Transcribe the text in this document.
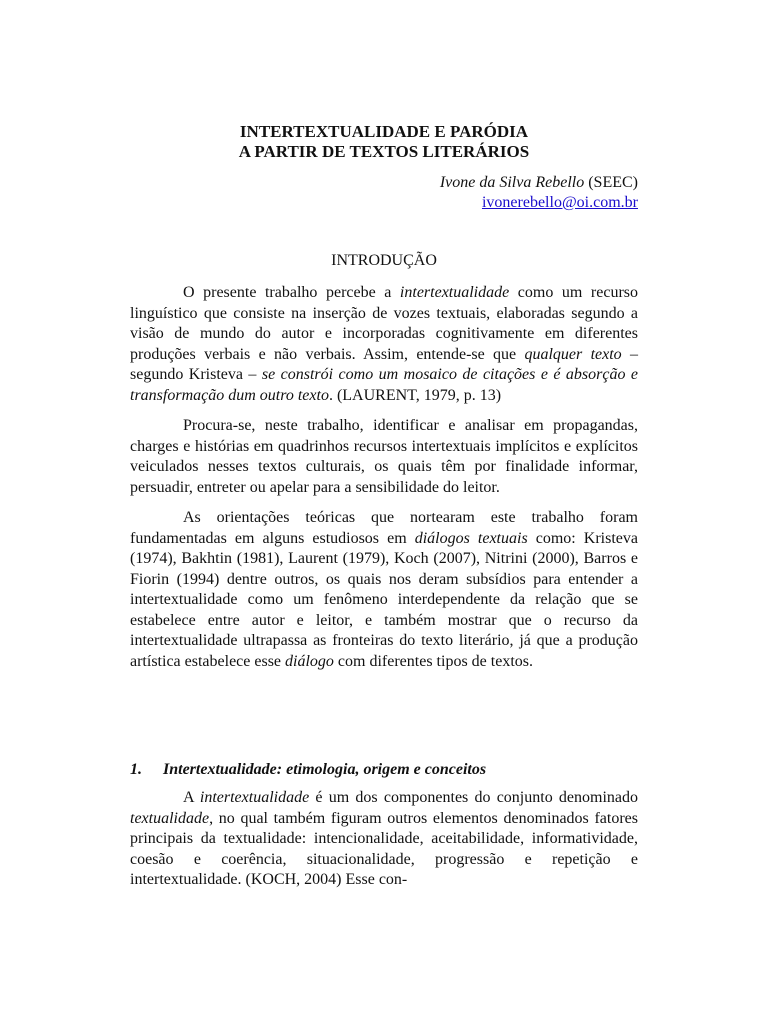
INTERTEXTUALIDADE E PARÓDIA
A PARTIR DE TEXTOS LITERÁRIOS
Ivone da Silva Rebello (SEEC)
ivonerebello@oi.com.br
INTRODUÇÃO

O presente trabalho percebe a intertextualidade como um recurso linguístico que consiste na inserção de vozes textuais, elaboradas segundo a visão de mundo do autor e incorporadas cognitivamente em diferentes produções verbais e não verbais. Assim, entende-se que qualquer texto – segundo Kristeva – se constrói como um mosaico de citações e é absorção e transformação dum outro texto. (LAURENT, 1979, p. 13)

Procura-se, neste trabalho, identificar e analisar em propagandas, charges e histórias em quadrinhos recursos intertextuais implícitos e explícitos veiculados nesses textos culturais, os quais têm por finalidade informar, persuadir, entreter ou apelar para a sensibilidade do leitor.

As orientações teóricas que nortearam este trabalho foram fundamentadas em alguns estudiosos em diálogos textuais como: Kristeva (1974), Bakhtin (1981), Laurent (1979), Koch (2007), Nitrini (2000), Barros e Fiorin (1994) dentre outros, os quais nos deram subsídios para entender a intertextualidade como um fenômeno interdependente da relação que se estabelece entre autor e leitor, e também mostrar que o recurso da intertextualidade ultrapassa as fronteiras do texto literário, já que a produção artística estabelece esse diálogo com diferentes tipos de textos.

1. Intertextualidade: etimologia, origem e conceitos

A intertextualidade é um dos componentes do conjunto denominado textualidade, no qual também figuram outros elementos denominados fatores principais da textualidade: intencionalidade, aceitabilidade, informatividade, coesão e coerência, situacionalidade, progressão e repetição e intertextualidade. (KOCH, 2004) Esse con-
